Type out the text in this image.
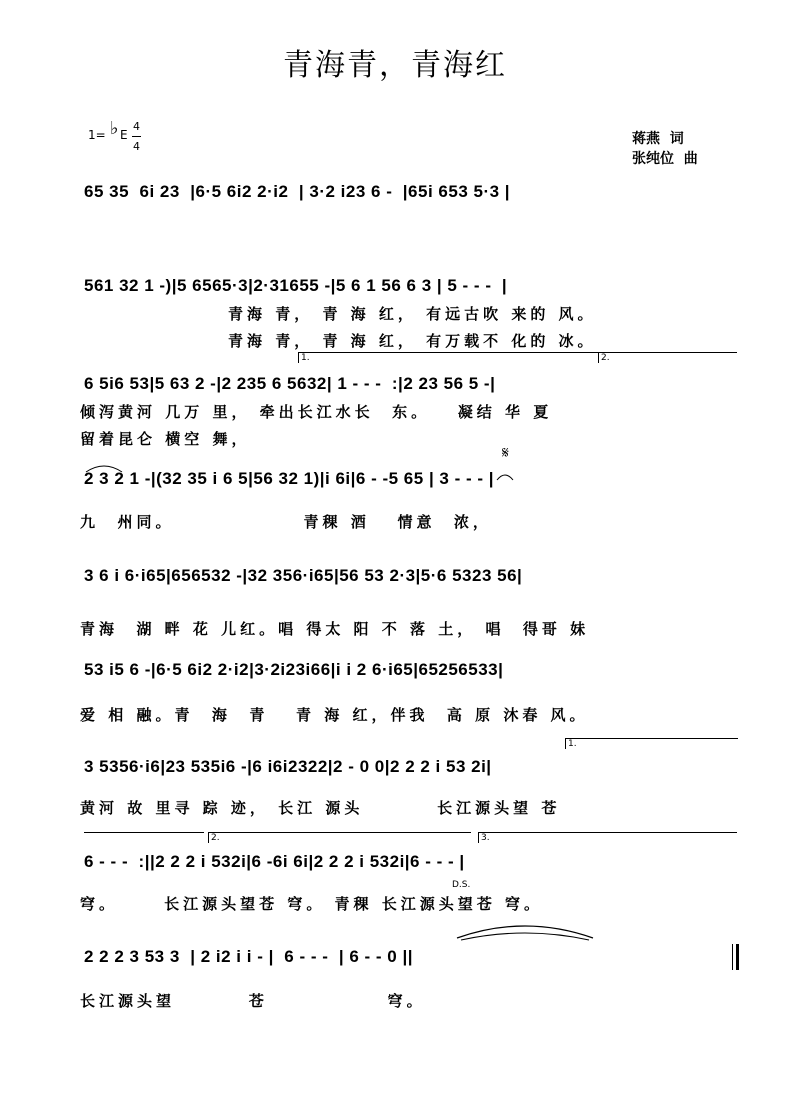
青海青，青海红
1= ♭ E
4
4	蒋燕  词
张纯位  曲
65 35  6i 23  |6·5 6i2 2·i2  | 3·2 i23 6 -  |65i 653 5·3 |
561 32 1 -)|5 6565·3|2·31655 -|5 6 1 56 6 3 | 5 - - -  |
6 5i6 53|5 63 2 -|2 235 6 5632| 1 - - -  :|2 23 56 5 -|
2 3 2 1 -|(32 35 i 6 5|56 32 1)|i 6i|6 - -5 65 | 3 - - - |
3 6 i 6·i65|656532 -|32 356·i65|56 53 2·3|5·6 5323 56|
53 i5 6 -|6·5 6i2 2·i2|3·2i23i66|i i 2 6·i65|65256533|
3 5356·i6|23 535i6 -|6 i6i2322|2 - 0 0|2 2 2 i 53 2i|
6 - - -  :||2 2 2 i 532i|6 -6i 6i|2 2 2 i 532i|6 - - - |
2 2 2 3 53 3  | 2 i2 i i - |  6 - - -  | 6 - - 0 ||
青海 青， 青 海 红， 有远古吹 来的 风。
青海 青， 青 海 红， 有万载不 化的 冰。
倾泻黄河 几万 里， 牵出长江水长  东。   凝结 华 夏
留着昆仑 横空 舞，
九  州同。              青稞 酒   情意  浓，
青海  湖 畔 花 儿红。唱 得太 阳 不 落 土， 唱  得哥 妹
爱 相 融。青  海  青   青 海 红，伴我  高 原 沐春 风。
黄河 故 里寻 踪 迹， 长江 源头        长江源头望 苍
穹。     长江源头望苍 穹。 青稞 长江源头望苍 穹。
长江源头望        苍             穹。
1.	2.
1.
2.	3.
𝄋
D.S.
